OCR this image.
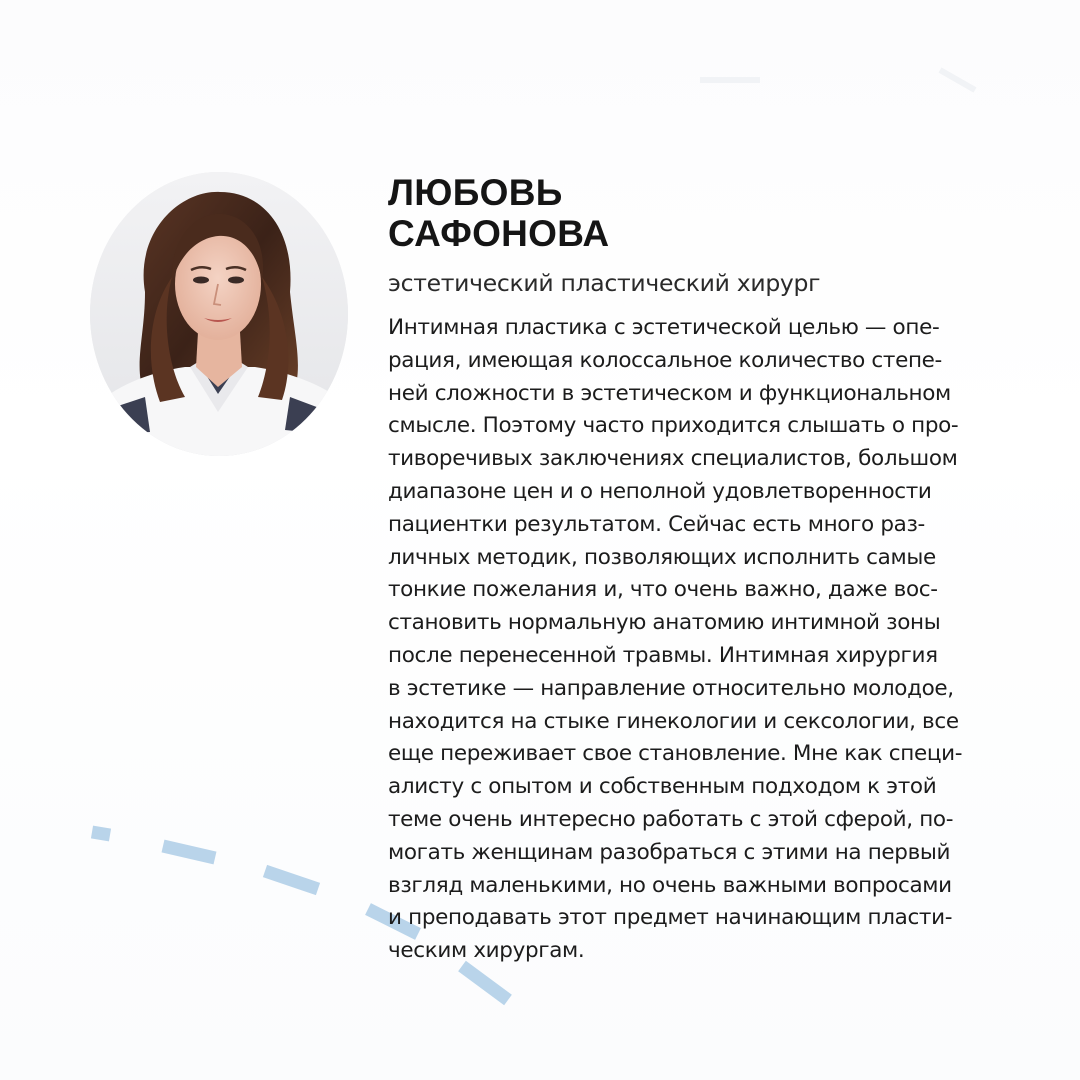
ЛЮБОВЬ
САФОНОВА

эстетический пластический хирург

Интимная пластика с эстетической целью — опе-
рация, имеющая колоссальное количество степе-
ней сложности в эстетическом и функциональном
смысле. Поэтому часто приходится слышать о про-
тиворечивых заключениях специалистов, большом
диапазоне цен и о неполной удовлетворенности
пациентки результатом. Сейчас есть много раз-
личных методик, позволяющих исполнить самые
тонкие пожелания и, что очень важно, даже вос-
становить нормальную анатомию интимной зоны
после перенесенной травмы. Интимная хирургия
в эстетике — направление относительно молодое,
находится на стыке гинекологии и сексологии, все
еще переживает свое становление. Мне как специ-
алисту с опытом и собственным подходом к этой
теме очень интересно работать с этой сферой, по-
могать женщинам разобраться с этими на первый
взгляд маленькими, но очень важными вопросами
и преподавать этот предмет начинающим пласти-
ческим хирургам.
